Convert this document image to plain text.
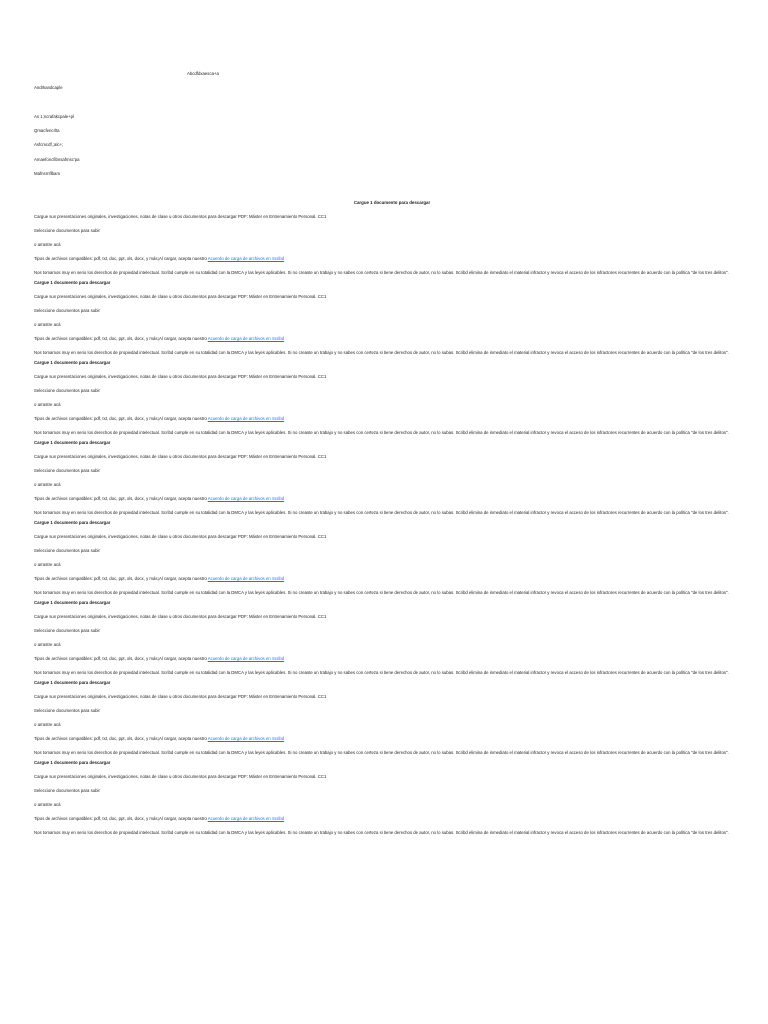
Abcdfdxaesca+a
Andrkandcaple
As 1;ncrafakcpale+pl
Qmacfencrlta
Asfcmcdf,;alc+;
Amaefoncfibnsafmsc'pa
Mafnsrnflbam
Cargue 1 documento para descargar
Cargue sus presentaciones originales, investigaciones, notas de clase u otros documentos para descargar PDF: Máster en Entrenamiento Personal. CC1
Seleccione documentos para subir
o arrastre acá
Tipos de archivos compatibles: pdf, txt, doc, ppt, xls, docx, y más¡Al cargar, acepta nuestro Acuerdo de carga de archivos en Scribd
Nos tomamos muy en serio los derechos de propiedad intelectual. Scribd cumple en su totalidad con la DMCA y las leyes aplicables. Si no creaste un trabajo y no sabes con certeza si tiene derechos de autor, no lo subas. Scribd elimina de inmediato el material infractor y revoca el acceso de los infractores recurrentes de acuerdo con la política "de los tres delitos".
Cargue 1 documento para descargar
Cargue sus presentaciones originales, investigaciones, notas de clase u otros documentos para descargar PDF: Máster en Entrenamiento Personal. CC1
Seleccione documentos para subir
o arrastre acá
Tipos de archivos compatibles: pdf, txt, doc, ppt, xls, docx, y más¡Al cargar, acepta nuestro Acuerdo de carga de archivos en Scribd
Nos tomamos muy en serio los derechos de propiedad intelectual. Scribd cumple en su totalidad con la DMCA y las leyes aplicables. Si no creaste un trabajo y no sabes con certeza si tiene derechos de autor, no lo subas. Scribd elimina de inmediato el material infractor y revoca el acceso de los infractores recurrentes de acuerdo con la política "de los tres delitos".
Cargue 1 documento para descargar
Cargue sus presentaciones originales, investigaciones, notas de clase u otros documentos para descargar PDF: Máster en Entrenamiento Personal. CC1
Seleccione documentos para subir
o arrastre acá
Tipos de archivos compatibles: pdf, txt, doc, ppt, xls, docx, y más¡Al cargar, acepta nuestro Acuerdo de carga de archivos en Scribd
Nos tomamos muy en serio los derechos de propiedad intelectual. Scribd cumple en su totalidad con la DMCA y las leyes aplicables. Si no creaste un trabajo y no sabes con certeza si tiene derechos de autor, no lo subas. Scribd elimina de inmediato el material infractor y revoca el acceso de los infractores recurrentes de acuerdo con la política "de los tres delitos".
Cargue 1 documento para descargar
Cargue sus presentaciones originales, investigaciones, notas de clase u otros documentos para descargar PDF: Máster en Entrenamiento Personal. CC1
Seleccione documentos para subir
o arrastre acá
Tipos de archivos compatibles: pdf, txt, doc, ppt, xls, docx, y más¡Al cargar, acepta nuestro Acuerdo de carga de archivos en Scribd
Nos tomamos muy en serio los derechos de propiedad intelectual. Scribd cumple en su totalidad con la DMCA y las leyes aplicables. Si no creaste un trabajo y no sabes con certeza si tiene derechos de autor, no lo subas. Scribd elimina de inmediato el material infractor y revoca el acceso de los infractores recurrentes de acuerdo con la política "de los tres delitos".
Cargue 1 documento para descargar
Cargue sus presentaciones originales, investigaciones, notas de clase u otros documentos para descargar PDF: Máster en Entrenamiento Personal. CC1
Seleccione documentos para subir
o arrastre acá
Tipos de archivos compatibles: pdf, txt, doc, ppt, xls, docx, y más¡Al cargar, acepta nuestro Acuerdo de carga de archivos en Scribd
Nos tomamos muy en serio los derechos de propiedad intelectual. Scribd cumple en su totalidad con la DMCA y las leyes aplicables. Si no creaste un trabajo y no sabes con certeza si tiene derechos de autor, no lo subas. Scribd elimina de inmediato el material infractor y revoca el acceso de los infractores recurrentes de acuerdo con la política "de los tres delitos".
Cargue 1 documento para descargar
Cargue sus presentaciones originales, investigaciones, notas de clase u otros documentos para descargar PDF: Máster en Entrenamiento Personal. CC1
Seleccione documentos para subir
o arrastre acá
Tipos de archivos compatibles: pdf, txt, doc, ppt, xls, docx, y más¡Al cargar, acepta nuestro Acuerdo de carga de archivos en Scribd
Nos tomamos muy en serio los derechos de propiedad intelectual. Scribd cumple en su totalidad con la DMCA y las leyes aplicables. Si no creaste un trabajo y no sabes con certeza si tiene derechos de autor, no lo subas. Scribd elimina de inmediato el material infractor y revoca el acceso de los infractores recurrentes de acuerdo con la política "de los tres delitos".
Cargue 1 documento para descargar
Cargue sus presentaciones originales, investigaciones, notas de clase u otros documentos para descargar PDF: Máster en Entrenamiento Personal. CC1
Seleccione documentos para subir
o arrastre acá
Tipos de archivos compatibles: pdf, txt, doc, ppt, xls, docx, y más¡Al cargar, acepta nuestro Acuerdo de carga de archivos en Scribd
Nos tomamos muy en serio los derechos de propiedad intelectual. Scribd cumple en su totalidad con la DMCA y las leyes aplicables. Si no creaste un trabajo y no sabes con certeza si tiene derechos de autor, no lo subas. Scribd elimina de inmediato el material infractor y revoca el acceso de los infractores recurrentes de acuerdo con la política "de los tres delitos".
Cargue 1 documento para descargar
Cargue sus presentaciones originales, investigaciones, notas de clase u otros documentos para descargar PDF: Máster en Entrenamiento Personal. CC1
Seleccione documentos para subir
o arrastre acá
Tipos de archivos compatibles: pdf, txt, doc, ppt, xls, docx, y más¡Al cargar, acepta nuestro Acuerdo de carga de archivos en Scribd
Nos tomamos muy en serio los derechos de propiedad intelectual. Scribd cumple en su totalidad con la DMCA y las leyes aplicables. Si no creaste un trabajo y no sabes con certeza si tiene derechos de autor, no lo subas. Scribd elimina de inmediato el material infractor y revoca el acceso de los infractores recurrentes de acuerdo con la política "de los tres delitos".
